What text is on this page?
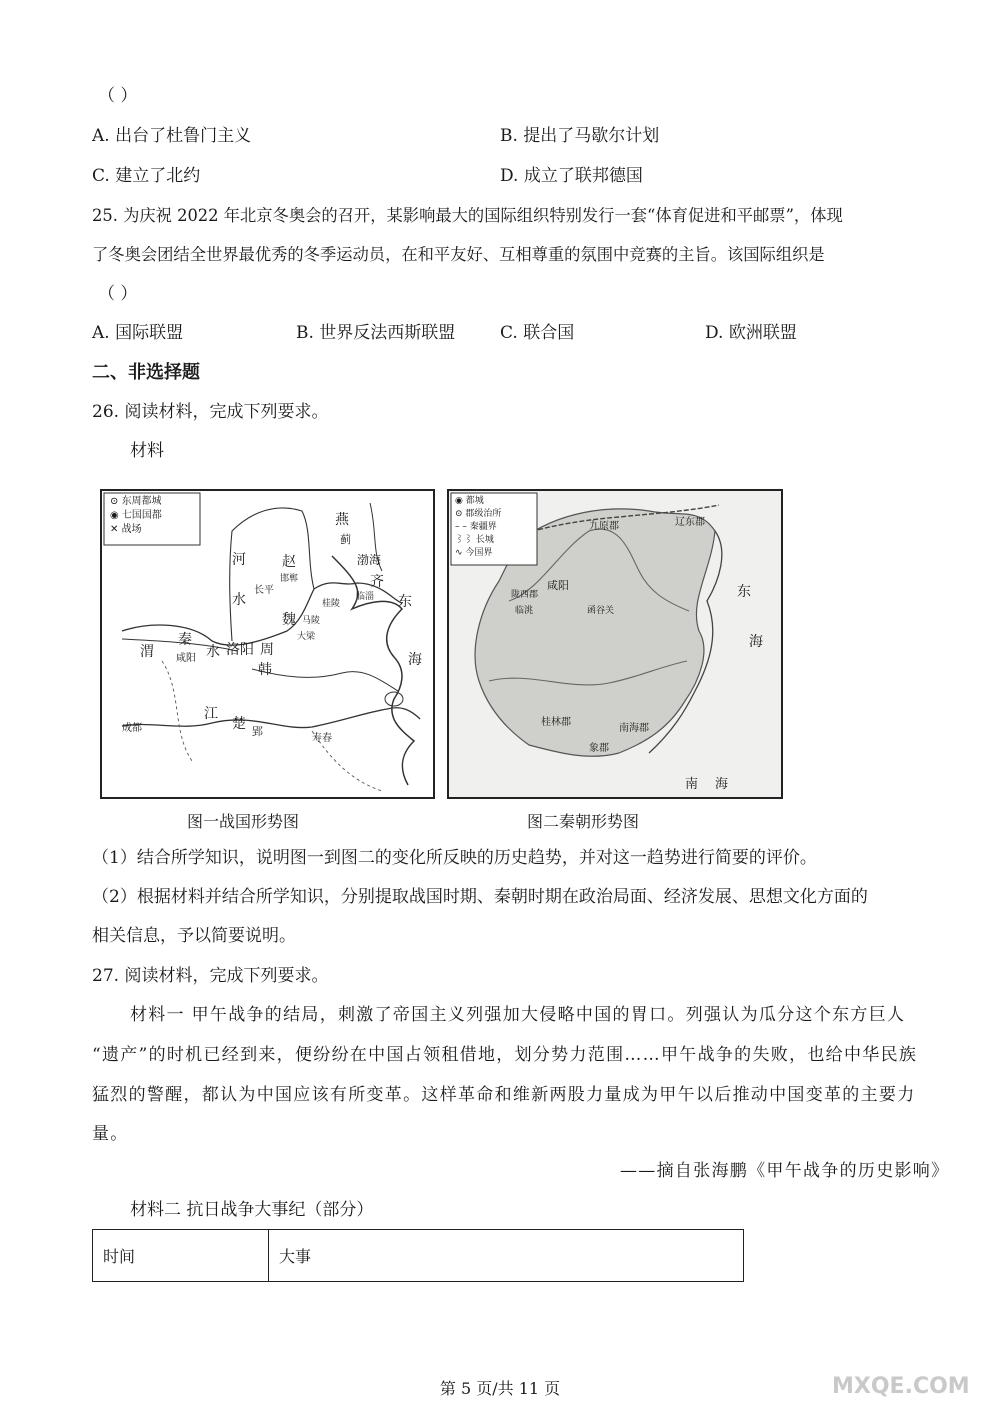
（ ）
A. 出台了杜鲁门主义	B. 提出了马歇尔计划
C. 建立了北约	D. 成立了联邦德国
25. 为庆祝 2022 年北京冬奥会的召开，某影响最大的国际组织特别发行一套“体育促进和平邮票”，体现
了冬奥会团结全世界最优秀的冬季运动员，在和平友好、互相尊重的氛围中竞赛的主旨。该国际组织是
（ ）
A. 国际联盟	B. 世界反法西斯联盟	C. 联合国	D. 欧洲联盟
二、非选择题
26. 阅读材料，完成下列要求。
材料
⊙ 东周都城
◉ 七国国都
✕ 战场
燕
蓟
渤海
河	赵
邯郸
长平
齐
临淄
水
魏
桂陵
马陵
大梁
东
海
秦
渭 咸阳 水 洛阳 周
韩
江
楚 郢
成都
寿春
图一战国形势图
◉ 都城
⊙ 郡级治所
– – 秦疆界
⌇⌇ 长城
∿ 今国界
九原郡	辽东郡
咸阳
陇西郡
临洮	函谷关
东
海
桂林郡
南海郡
象郡
南 海
图二秦朝形势图
（1）结合所学知识，说明图一到图二的变化所反映的历史趋势，并对这一趋势进行简要的评价。
（2）根据材料并结合所学知识，分别提取战国时期、秦朝时期在政治局面、经济发展、思想文化方面的
相关信息，予以简要说明。
27. 阅读材料，完成下列要求。
材料一 甲午战争的结局，刺激了帝国主义列强加大侵略中国的胃口。列强认为瓜分这个东方巨人
“遗产”的时机已经到来，便纷纷在中国占领租借地，划分势力范围……甲午战争的失败，也给中华民族
猛烈的警醒，都认为中国应该有所变革。这样革命和维新两股力量成为甲午以后推动中国变革的主要力
量。
——摘自张海鹏《甲午战争的历史影响》
材料二 抗日战争大事纪（部分）
时间	大事
第 5 页/共 11 页	MXQE.COM
